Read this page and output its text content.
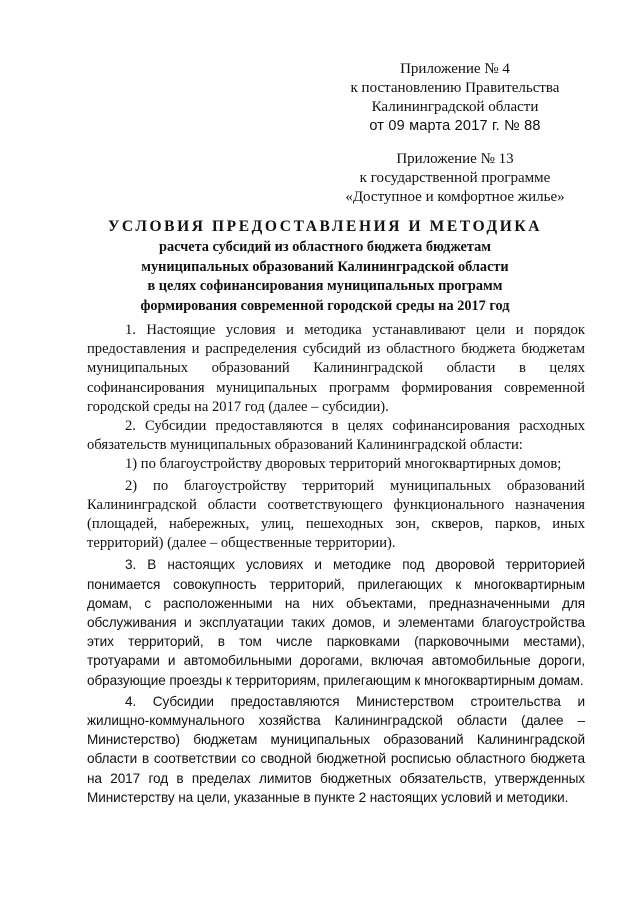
Приложение № 4
к постановлению Правительства
Калининградской области
от 09 марта 2017 г. № 88
Приложение № 13
к государственной программе
«Доступное и комфортное жилье»
УСЛОВИЯ ПРЕДОСТАВЛЕНИЯ И МЕТОДИКА
расчета субсидий из областного бюджета бюджетам
муниципальных образований Калининградской области
в целях софинансирования муниципальных программ
формирования современной городской среды на 2017 год

1. Настоящие условия и методика устанавливают цели и порядок предоставления и распределения субсидий из областного бюджета бюджетам муниципальных образований Калининградской области в целях софинансирования муниципальных программ формирования современной городской среды на 2017 год (далее – субсидии).

2. Субсидии предоставляются в целях софинансирования расходных обязательств муниципальных образований Калининградской области:

1) по благоустройству дворовых территорий многоквартирных домов;

2) по благоустройству территорий муниципальных образований Калининградской области соответствующего функционального назначения (площадей, набережных, улиц, пешеходных зон, скверов, парков, иных территорий) (далее – общественные территории).

3. В настоящих условиях и методике под дворовой территорией понимается совокупность территорий, прилегающих к многоквартирным домам, с расположенными на них объектами, предназначенными для обслуживания и эксплуатации таких домов, и элементами благоустройства этих территорий, в том числе парковками (парковочными местами), тротуарами и автомобильными дорогами, включая автомобильные дороги, образующие проезды к территориям, прилегающим к многоквартирным домам.

4. Субсидии предоставляются Министерством строительства и жилищно-коммунального хозяйства Калининградской области (далее – Министерство) бюджетам муниципальных образований Калининградской области в соответствии со сводной бюджетной росписью областного бюджета на 2017 год в пределах лимитов бюджетных обязательств, утвержденных Министерству на цели, указанные в пункте 2 настоящих условий и методики.
